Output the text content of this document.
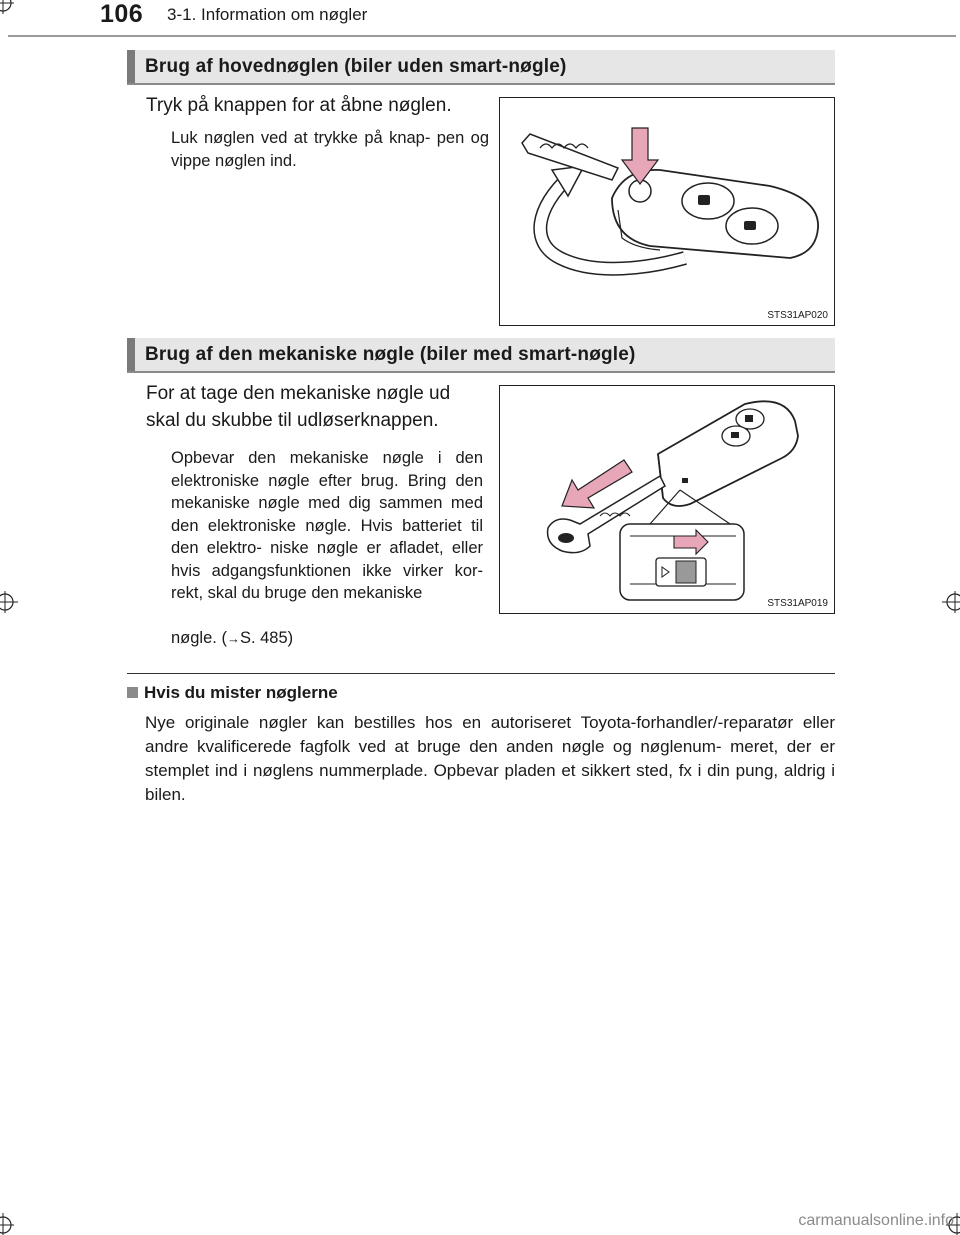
106 3-1. Information om nøgler
Brug af hovednøglen (biler uden smart-nøgle)
Tryk på knappen for at åbne nøglen.
Luk nøglen ved at trykke på knap- pen og vippe nøglen ind.
STS31AP020
Brug af den mekaniske nøgle (biler med smart-nøgle)
For at tage den mekaniske nøgle ud
skal du skubbe til udløserknappen.
Opbevar den mekaniske nøgle i den elektroniske nøgle efter brug. Bring den mekaniske nøgle med dig sammen med den elektroniske nøgle. Hvis batteriet til den elektro- niske nøgle er afladet, eller hvis adgangsfunktionen ikke virker kor- rekt, skal du bruge den mekaniske
nøgle. (→S. 485)
STS31AP019
Hvis du mister nøglerne
Nye originale nøgler kan bestilles hos en autoriseret Toyota-forhandler/-reparatør eller andre kvalificerede fagfolk ved at bruge den anden nøgle og nøglenum- meret, der er stemplet ind i nøglens nummerplade. Opbevar pladen et sikkert sted, fx i din pung, aldrig i bilen.
carmanualsonline.info
